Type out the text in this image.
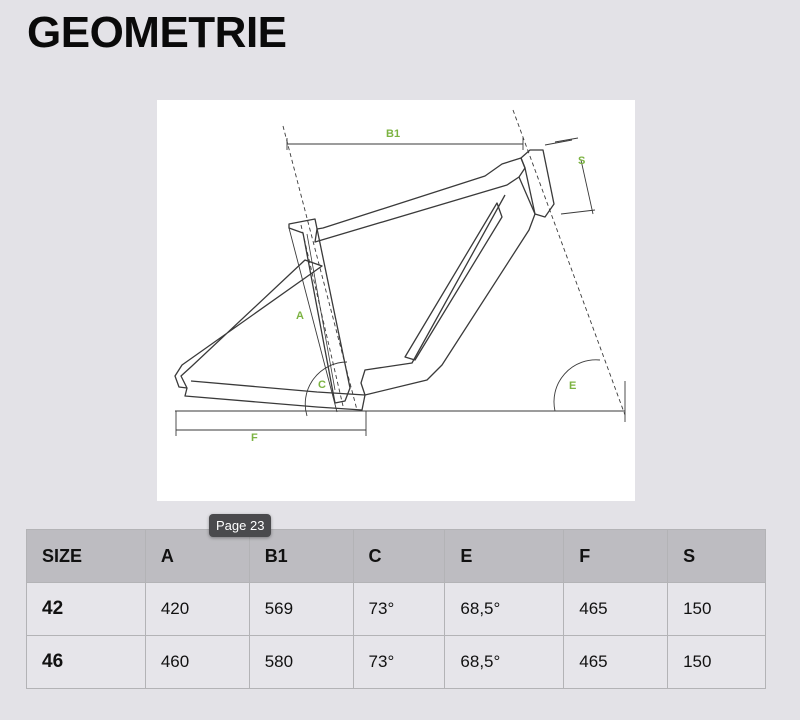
GEOMETRIE
B1
S
A
C	E
F
Page 23
SIZE	A	B1	C	E	F	S
42	420	569	73°	68,5°	465	150
46	460	580	73°	68,5°	465	150
